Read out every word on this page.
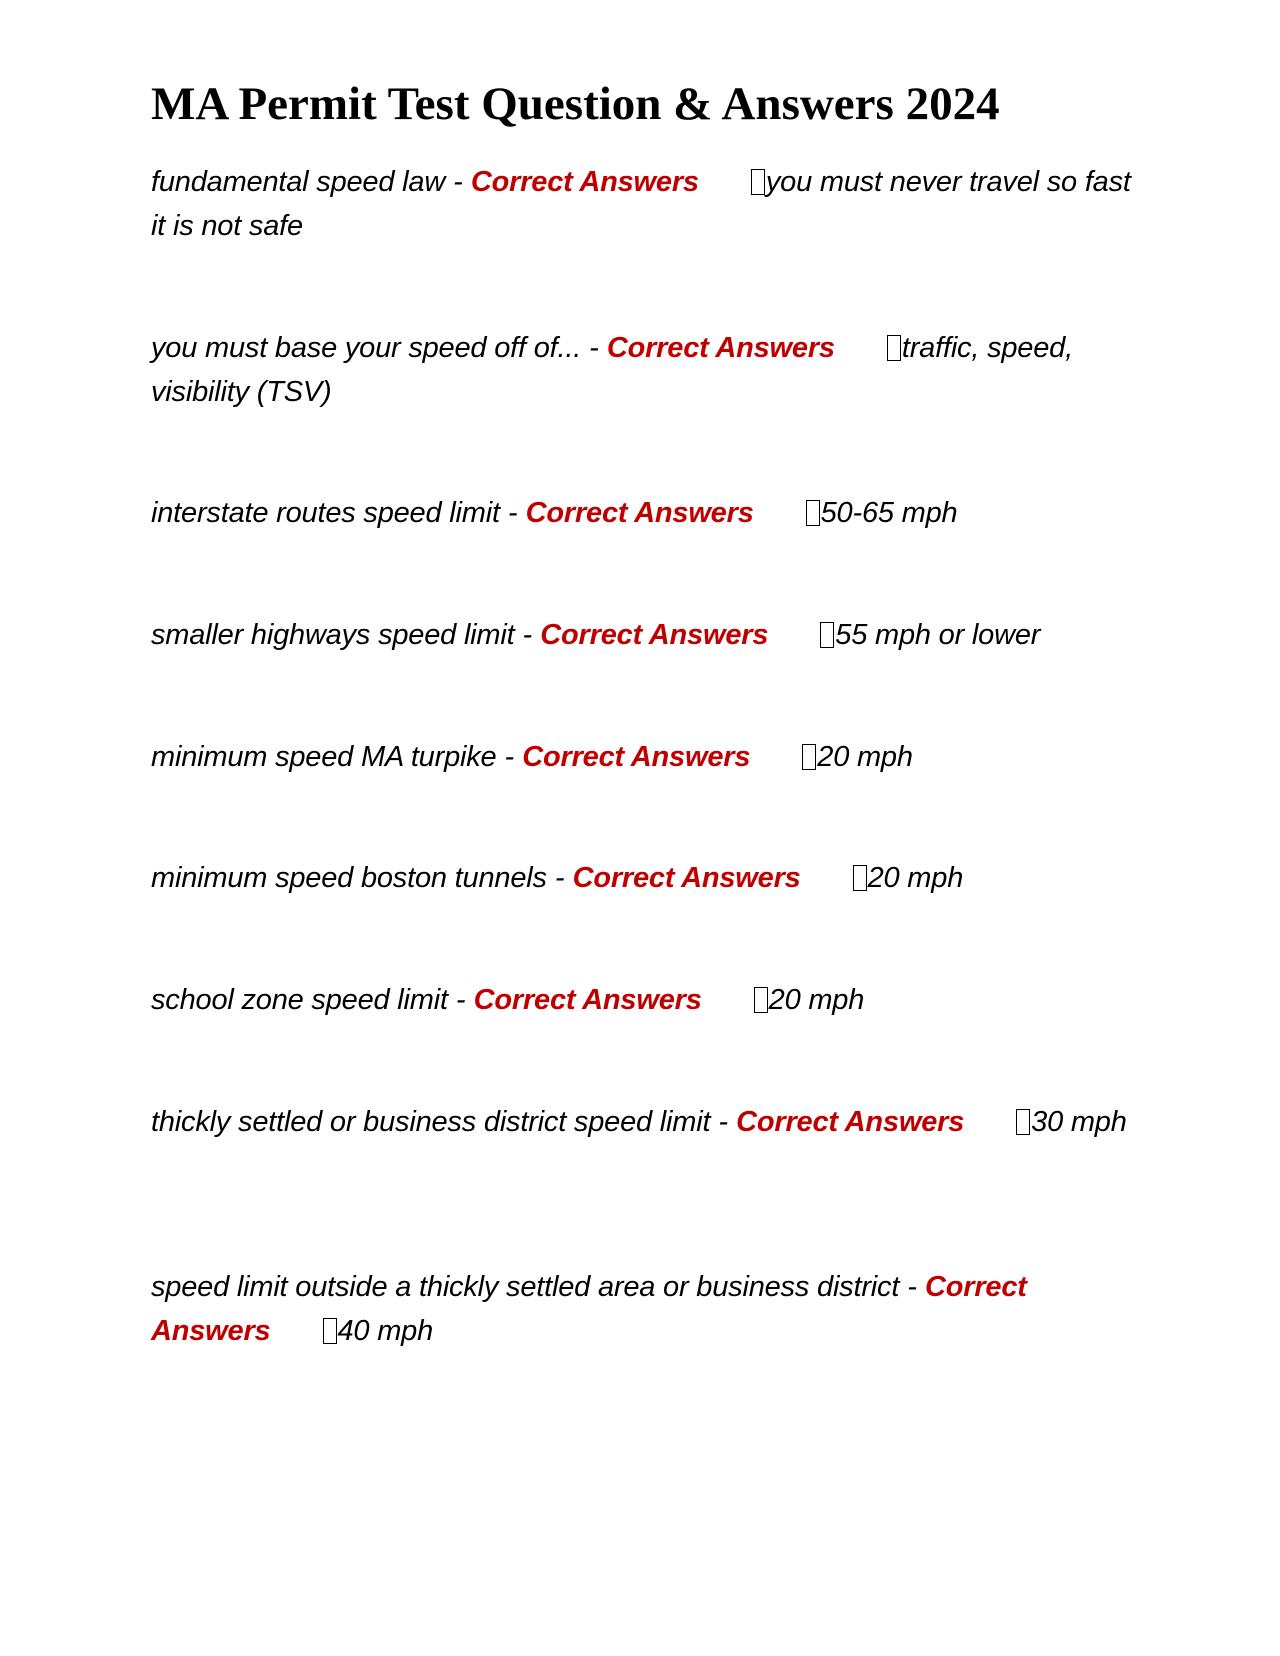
MA Permit Test Question & Answers 2024

fundamental speed law - Correct Answers you must never travel so fast it is not safe

you must base your speed off of... - Correct Answers traffic, speed, visibility (TSV)

interstate routes speed limit - Correct Answers 50-65 mph

smaller highways speed limit - Correct Answers 55 mph or lower

minimum speed MA turpike - Correct Answers 20 mph

minimum speed boston tunnels - Correct Answers 20 mph

school zone speed limit - Correct Answers 20 mph

thickly settled or business district speed limit - Correct Answers 30 mph

speed limit outside a thickly settled area or business district - Correct Answers 40 mph
